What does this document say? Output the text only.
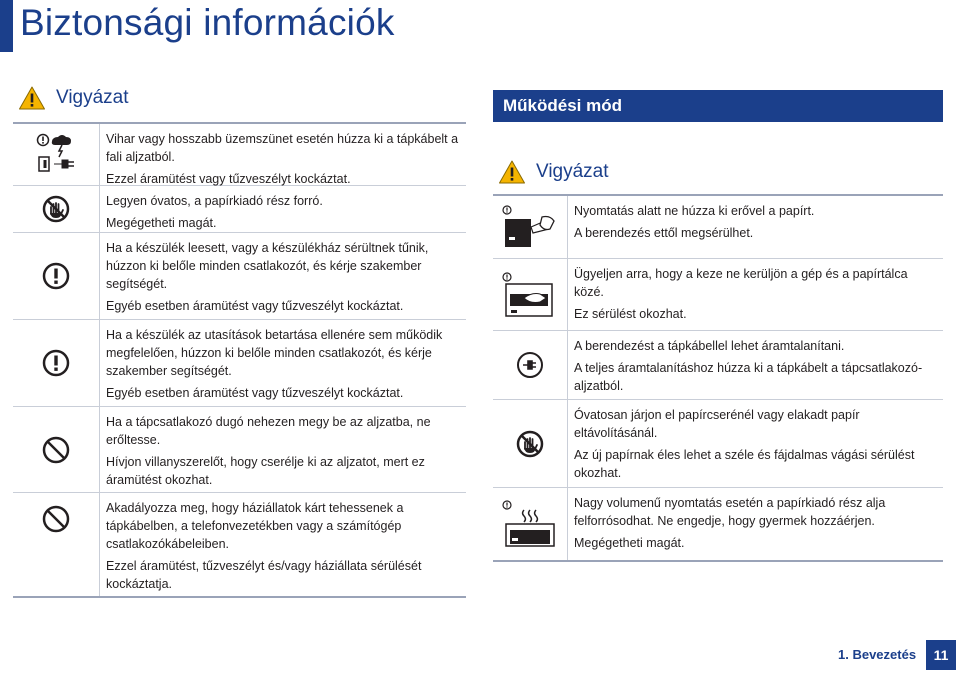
Biztonsági információk
Vigyázat

Vihar vagy hosszabb üzemszünet esetén húzza ki a tápkábelt a fali aljzatból.

Ezzel áramütést vagy tűzveszélyt kockáztat.

Legyen óvatos, a papírkiadó rész forró.

Megégetheti magát.

Ha a készülék leesett, vagy a készülékház sérültnek tűnik, húzzon ki belőle minden csatlakozót, és kérje szakember segítségét.

Egyéb esetben áramütést vagy tűzveszélyt kockáztat.

Ha a készülék az utasítások betartása ellenére sem működik megfelelően, húzzon ki belőle minden csatlakozót, és kérje szakember segítségét.

Egyéb esetben áramütést vagy tűzveszélyt kockáztat.

Ha a tápcsatlakozó dugó nehezen megy be az aljzatba, ne erőltesse.

Hívjon villanyszerelőt, hogy cserélje ki az aljzatot, mert ez áramütést okozhat.

Akadályozza meg, hogy háziállatok kárt tehessenek a tápkábelben, a telefonvezetékben vagy a számítógép csatlakozókábeleiben.

Ezzel áramütést, tűzveszélyt és/vagy háziállata sérülését kockáztatja.

Működési mód
Vigyázat

Nyomtatás alatt ne húzza ki erővel a papírt.

A berendezés ettől megsérülhet.

Ügyeljen arra, hogy a keze ne kerüljön a gép és a papírtálca közé.

Ez sérülést okozhat.

A berendezést a tápkábellel lehet áramtalanítani.

A teljes áramtalanításhoz húzza ki a tápkábelt a tápcsatlakozó-aljzatból.

Óvatosan járjon el papírcserénél vagy elakadt papír eltávolításánál.

Az új papírnak éles lehet a széle és fájdalmas vágási sérülést okozhat.

Nagy volumenű nyomtatás esetén a papírkiadó rész alja felforrósodhat. Ne engedje, hogy gyermek hozzáérjen.

Megégetheti magát.

1. Bevezetés	11
